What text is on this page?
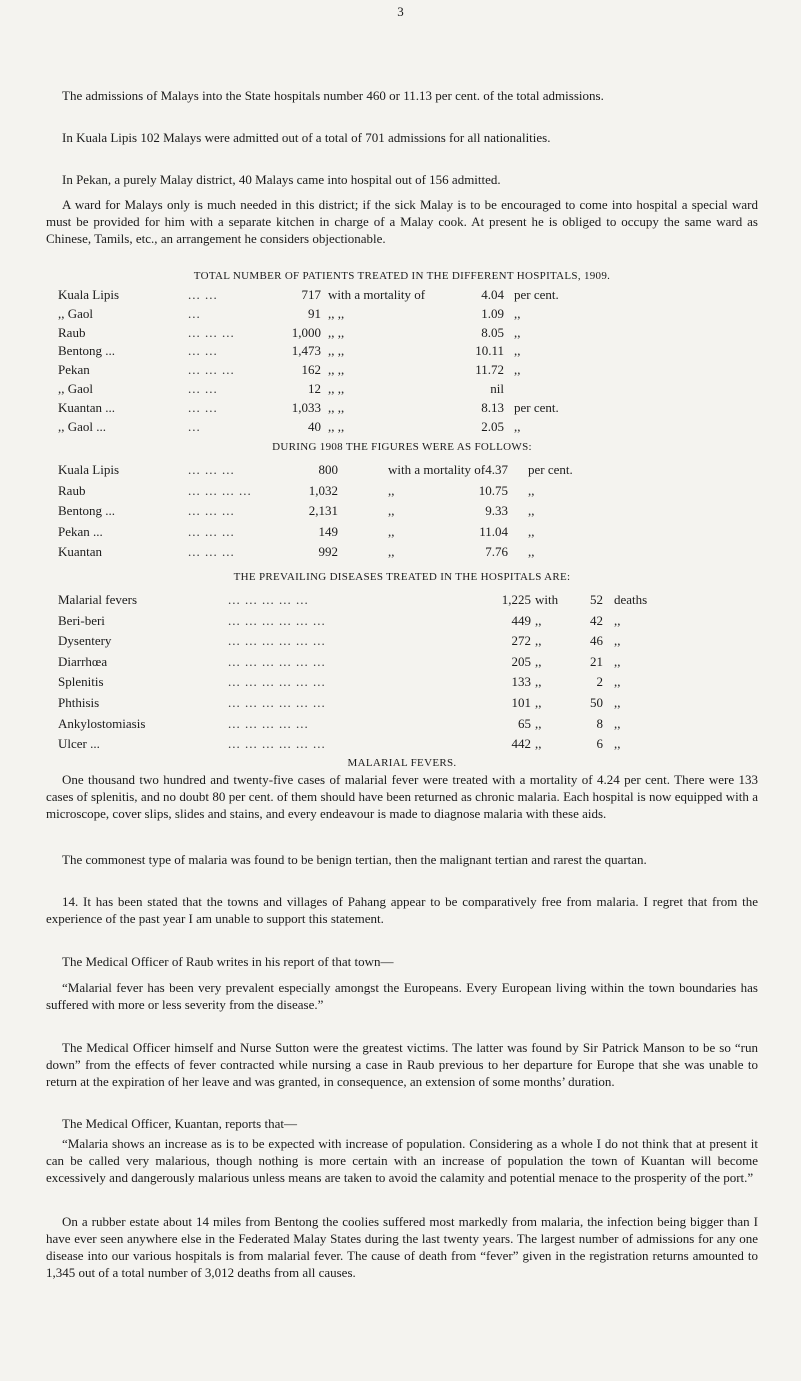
3

The admissions of Malays into the State hospitals number 460 or 11.13 per cent. of the total admissions.

In Kuala Lipis 102 Malays were admitted out of a total of 701 admissions for all nationalities.

In Pekan, a purely Malay district, 40 Malays came into hospital out of 156 admitted.

A ward for Malays only is much needed in this district; if the sick Malay is to be encouraged to come into hospital a special ward must be provided for him with a separate kitchen in charge of a Malay cook. At present he is obliged to occupy the same ward as Chinese, Tamils, etc., an arrangement he considers objectionable.

TOTAL NUMBER OF PATIENTS TREATED IN THE DIFFERENT HOSPITALS, 1909.
Kuala Lipis	... ...	717 with a mortality of	4.04 per cent.
,, Gaol	...	91 ,, ,,	1.09 ,,
Raub	... ... ...	1,000 ,, ,,	8.05 ,,
Bentong ...	... ...	1,473 ,, ,,	10.11 ,,
Pekan	... ... ...	162 ,, ,,	11.72 ,,
,, Gaol	... ...	12 ,, ,,	nil
Kuantan ...	... ...	1,033 ,, ,,	8.13 per cent.
,, Gaol ...	...	40 ,, ,,	2.05 ,,
DURING 1908 THE FIGURES WERE AS FOLLOWS:
Kuala Lipis	... ... ...	800	with a mortality of 4.37 per cent.
Raub	... ... ... ...	1,032	,,	10.75 ,,
Bentong ...	... ... ...	2,131	,,	9.33 ,,
Pekan ...	... ... ...	149	,,	11.04 ,,
Kuantan	... ... ...	992	,,	7.76 ,,
THE PREVAILING DISEASES TREATED IN THE HOSPITALS ARE:
Malarial fevers	... ... ... ... ...	1,225 with	52 deaths
Beri-beri	... ... ... ... ... ...	449 ,,	42 ,,
Dysentery	... ... ... ... ... ...	272 ,,	46 ,,
Diarrhœa	... ... ... ... ... ...	205 ,,	21 ,,
Splenitis	... ... ... ... ... ...	133 ,,	2 ,,
Phthisis	... ... ... ... ... ...	101 ,,	50 ,,
Ankylostomiasis	... ... ... ... ...	65 ,,	8 ,,
Ulcer ...	... ... ... ... ... ...	442 ,,	6 ,,
MALARIAL FEVERS.

One thousand two hundred and twenty-five cases of malarial fever were treated with a mortality of 4.24 per cent. There were 133 cases of splenitis, and no doubt 80 per cent. of them should have been returned as chronic malaria. Each hospital is now equipped with a microscope, cover slips, slides and stains, and every endeavour is made to diagnose malaria with these aids.

The commonest type of malaria was found to be benign tertian, then the malignant tertian and rarest the quartan.

14. It has been stated that the towns and villages of Pahang appear to be comparatively free from malaria. I regret that from the experience of the past year I am unable to support this statement.

The Medical Officer of Raub writes in his report of that town—

“Malarial fever has been very prevalent especially amongst the Europeans. Every European living within the town boundaries has suffered with more or less severity from the disease.”

The Medical Officer himself and Nurse Sutton were the greatest victims. The latter was found by Sir Patrick Manson to be so “run down” from the effects of fever contracted while nursing a case in Raub previous to her departure for Europe that she was unable to return at the expiration of her leave and was granted, in consequence, an extension of some months’ duration.

The Medical Officer, Kuantan, reports that—

“Malaria shows an increase as is to be expected with increase of population. Considering as a whole I do not think that at present it can be called very malarious, though nothing is more certain with an increase of population the town of Kuantan will become excessively and dangerously malarious unless means are taken to avoid the calamity and potential menace to the prosperity of the port.”

On a rubber estate about 14 miles from Bentong the coolies suffered most markedly from malaria, the infection being bigger than I have ever seen anywhere else in the Federated Malay States during the last twenty years. The largest number of admissions for any one disease into our various hospitals is from malarial fever. The cause of death from “fever” given in the registration returns amounted to 1,345 out of a total number of 3,012 deaths from all causes.
